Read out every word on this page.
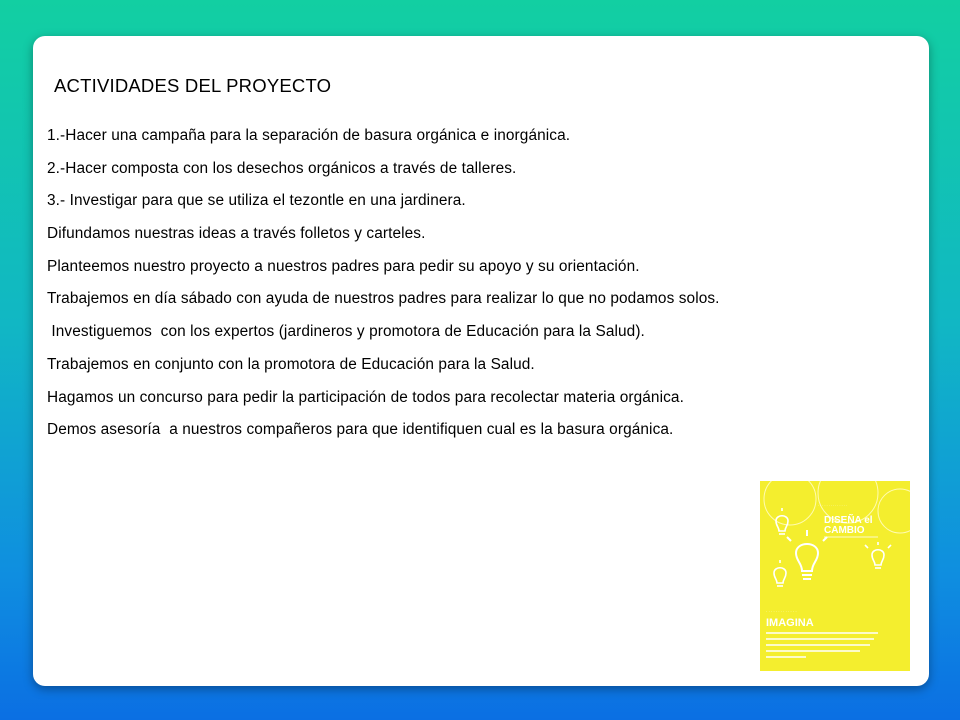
ACTIVIDADES DEL PROYECTO
1.-Hacer una campaña para la separación de basura orgánica e inorgánica.
2.-Hacer composta con los desechos orgánicos a través de talleres.
3.- Investigar para que se utiliza el tezontle en una jardinera.
Difundamos nuestras ideas a través folletos y carteles.
Planteemos nuestro proyecto a nuestros padres para pedir su apoyo y su orientación.
Trabajemos en día sábado con ayuda de nuestros padres para realizar lo que no podamos solos.
Investiguemos  con los expertos (jardineros y promotora de Educación para la Salud).
Trabajemos en conjunto con la promotora de Educación para la Salud.
Hagamos un concurso para pedir la participación de todos para recolectar materia orgánica.
Demos asesoría  a nuestros compañeros para que identifiquen cual es la basura orgánica.
· · · · · · · · · · · · · ·
DISEÑA el
CAMBIO
· · · · · · · · · · · · ·
IMAGINA
